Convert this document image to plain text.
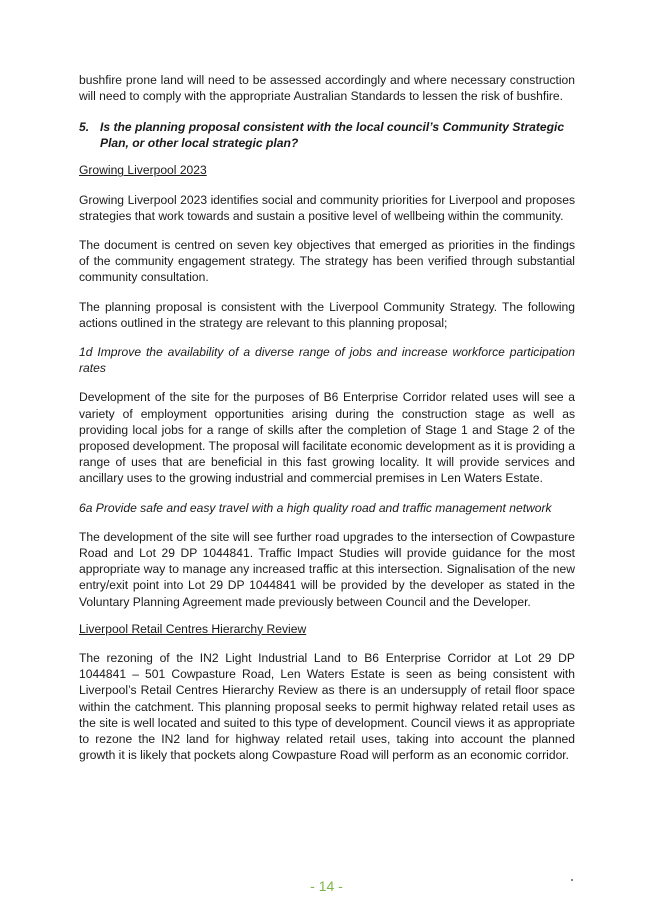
bushfire prone land will need to be assessed accordingly and where necessary construction will need to comply with the appropriate Australian Standards to lessen the risk of bushfire.

5. Is the planning proposal consistent with the local council’s Community Strategic Plan, or other local strategic plan?

Growing Liverpool 2023

Growing Liverpool 2023 identifies social and community priorities for Liverpool and proposes strategies that work towards and sustain a positive level of wellbeing within the community.

The document is centred on seven key objectives that emerged as priorities in the findings of the community engagement strategy. The strategy has been verified through substantial community consultation.

The planning proposal is consistent with the Liverpool Community Strategy. The following actions outlined in the strategy are relevant to this planning proposal;

1d Improve the availability of a diverse range of jobs and increase workforce participation rates

Development of the site for the purposes of B6 Enterprise Corridor related uses will see a variety of employment opportunities arising during the construction stage as well as providing local jobs for a range of skills after the completion of Stage 1 and Stage 2 of the proposed development. The proposal will facilitate economic development as it is providing a range of uses that are beneficial in this fast growing locality. It will provide services and ancillary uses to the growing industrial and commercial premises in Len Waters Estate.

6a Provide safe and easy travel with a high quality road and traffic management network

The development of the site will see further road upgrades to the intersection of Cowpasture Road and Lot 29 DP 1044841. Traffic Impact Studies will provide guidance for the most appropriate way to manage any increased traffic at this intersection. Signalisation of the new entry/exit point into Lot 29 DP 1044841 will be provided by the developer as stated in the Voluntary Planning Agreement made previously between Council and the Developer.

Liverpool Retail Centres Hierarchy Review

The rezoning of the IN2 Light Industrial Land to B6 Enterprise Corridor at Lot 29 DP 1044841 – 501 Cowpasture Road, Len Waters Estate is seen as being consistent with Liverpool’s Retail Centres Hierarchy Review as there is an undersupply of retail floor space within the catchment. This planning proposal seeks to permit highway related retail uses as the site is well located and suited to this type of development. Council views it as appropriate to rezone the IN2 land for highway related retail uses, taking into account the planned growth it is likely that pockets along Cowpasture Road will perform as an economic corridor.

- 14 -
